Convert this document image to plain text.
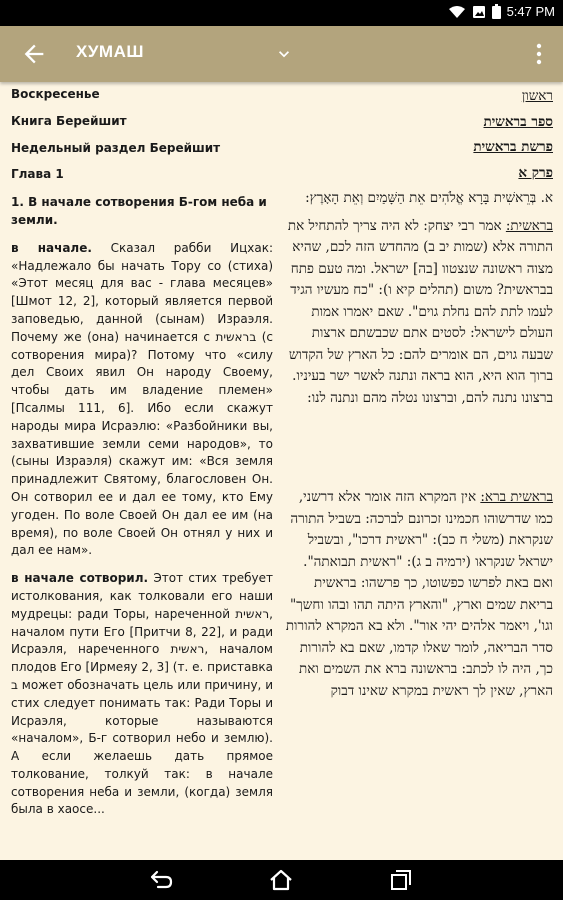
5:47 PM
ХУМАШ
Воскресенье
Книга Берейшит
Недельный раздел Берейшит
Глава 1
1. В начале сотворения Б-гом неба и земли.

в начале. Сказал рабби Ицхак: «Надлежало бы начать Тору со (стиха) «Этот месяц для вас - глава месяцев» [Шмот 12, 2], который является первой заповедью, данной (сынам) Израэля. Почему же (она) начинается с בראשית (с сотворения мира)? Потому что «силу дел Своих явил Он народу Своему, чтобы дать им владение племен» [Псалмы 111, 6]. Ибо если скажут народы мира Исраэлю: «Разбойники вы, захватившие земли семи народов», то (сыны Израэля) скажут им: «Вся земля принадлежит Святому, благословен Он. Он сотворил ее и дал ее тому, кто Ему угоден. По воле Своей Он дал ее им (на время), по воле Своей Он отнял у них и дал ее нам».

в начале сотворил. Этот стих требует истолкования, как толковали его наши мудрецы: ради Торы, нареченной ראשית, началом пути Его [Притчи 8, 22], и ради Исраэля, нареченного ראשית, началом плодов Его [Ирмеяу 2, 3] (т. е. приставка ב может обозначать цель или причину, и стих следует понимать так: Ради Торы и Исраэля, которые называются «началом», Б-г сотворил небо и землю). А если желаешь дать прямое толкование, толкуй так: в начале сотворения неба и земли, (когда) земля была в хаосе...

ראשון
ספר בראשית
פרשת בראשית
פרק א
א. בְּרֵאשִׁית בָּרָא אֱלֹהִים אֵת הַשָּׁמַיִם וְאֵת הָאָרֶץ:

בראשית: אמר רבי יצחק: לא היה צריך להתחיל את התורה אלא (שמות יב ב) מהחדש הזה לכם, שהיא מצוה ראשונה שנצטוו [בה] ישראל. ומה טעם פתח בבראשית? משום (תהלים קיא ו): "כח מעשיו הגיד לעמו לתת להם נחלת גוים". שאם יאמרו אמות העולם לישראל: לסטים אתם שכבשתם ארצות שבעה גוים, הם אומרים להם: כל הארץ של הקדוש ברוך הוא היא, הוא בראה ונתנה לאשר ישר בעיניו. ברצונו נתנה להם, וברצונו נטלה מהם ונתנה לנו:

בראשית ברא: אין המקרא הזה אומר אלא דרשני, כמו שדרשוהו חכמינו זכרונם לברכה: בשביל התורה שנקראת (משלי ח כב): "ראשית דרכו", ובשביל ישראל שנקראו (ירמיה ב ג): "ראשית תבואתה". ואם באת לפרשו כפשוטו, כך פרשהו: בראשית בריאת שמים וארץ, "והארץ היתה תהו ובהו וחשך" וגו', ויאמר אלהים יהי אור". ולא בא המקרא להורות סדר הבריאה, לומר שאלו קדמו, שאם בא להורות כך, היה לו לכתב: בראשונה ברא את השמים ואת הארץ, שאין לך ראשית במקרא שאינו דבוק
